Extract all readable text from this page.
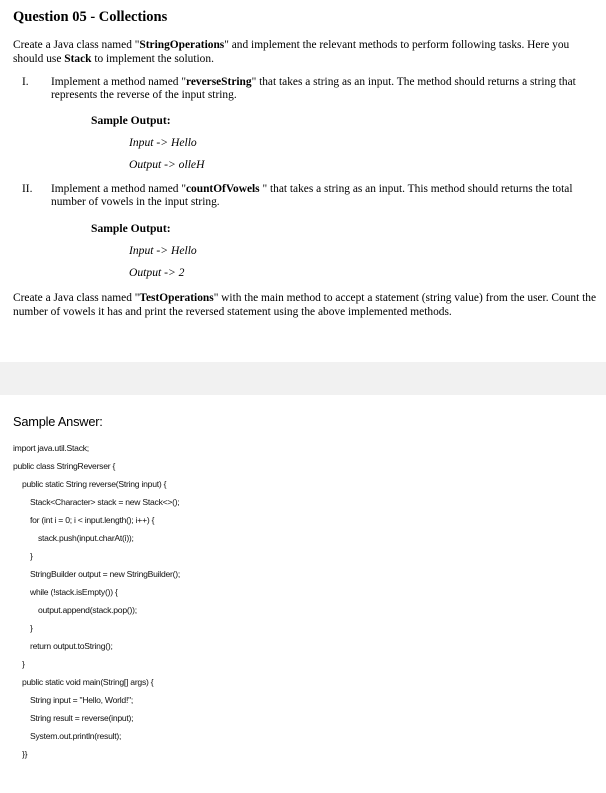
Question 05 - Collections
Create a Java class named "StringOperations" and implement the relevant methods to perform following tasks. Here you should use Stack to implement the solution.
I. Implement a method named "reverseString" that takes a string as an input. The method should returns a string that represents the reverse of the input string.
Sample Output:
Input -> Hello
Output -> olleH
II. Implement a method named "countOfVowels " that takes a string as an input. This method should returns the total number of vowels in the input string.
Sample Output:
Input -> Hello
Output -> 2
Create a Java class named "TestOperations" with the main method to accept a statement (string value) from the user. Count the number of vowels it has and print the reversed statement using the above implemented methods.
Sample Answer:
import java.util.Stack;
public class StringReverser {
public static String reverse(String input) {
Stack<Character> stack = new Stack<>();
for (int i = 0; i < input.length(); i++) {
stack.push(input.charAt(i));
}
StringBuilder output = new StringBuilder();
while (!stack.isEmpty()) {
output.append(stack.pop());
}
return output.toString();
}
public static void main(String[] args) {
String input = "Hello, World!";
String result = reverse(input);
System.out.println(result);
}}
